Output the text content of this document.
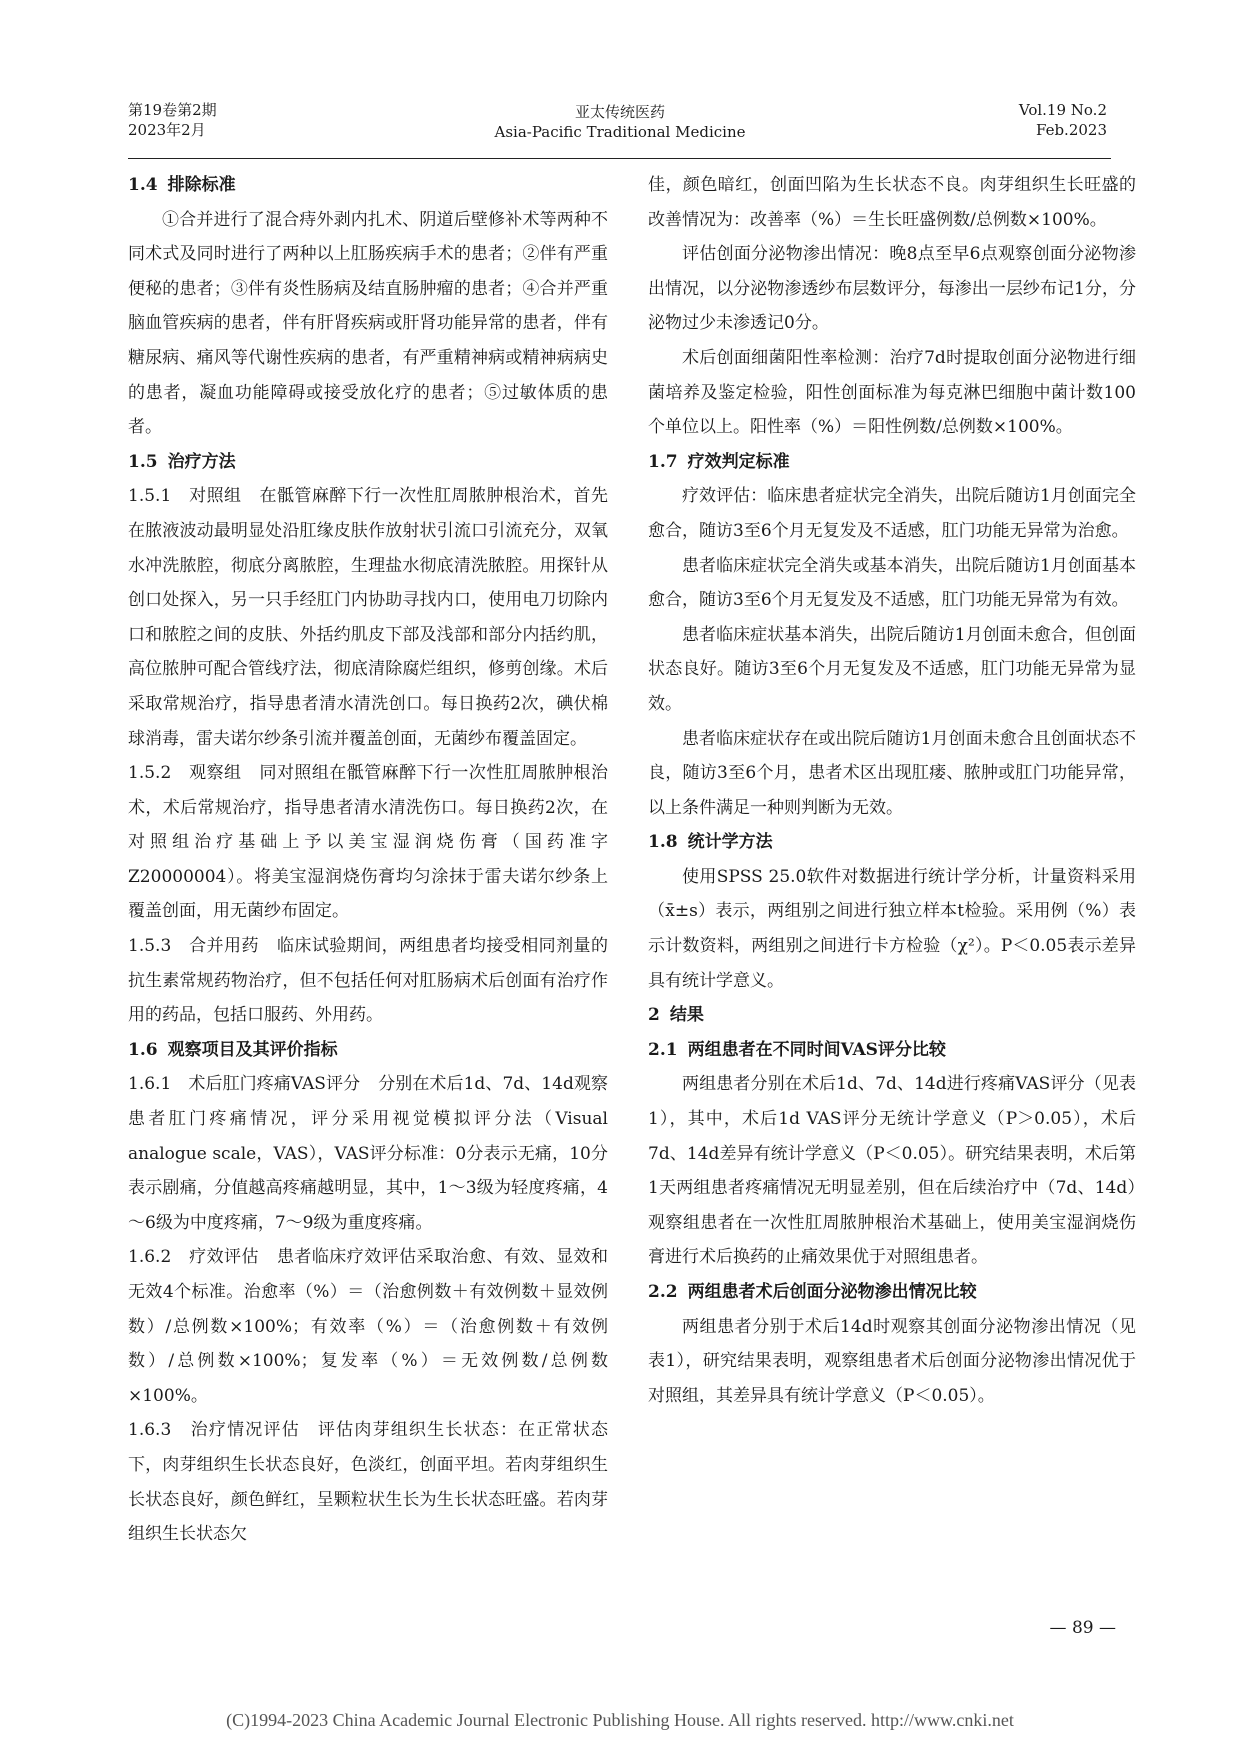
第19卷第2期
2023年2月
亚太传统医药
Asia-Pacific Traditional Medicine
Vol.19 No.2
Feb.2023

1.4 排除标准

①合并进行了混合痔外剥内扎术、阴道后壁修补术等两种不同术式及同时进行了两种以上肛肠疾病手术的患者；②伴有严重便秘的患者；③伴有炎性肠病及结直肠肿瘤的患者；④合并严重脑血管疾病的患者，伴有肝肾疾病或肝肾功能异常的患者，伴有糖尿病、痛风等代谢性疾病的患者，有严重精神病或精神病病史的患者，凝血功能障碍或接受放化疗的患者；⑤过敏体质的患者。

1.5 治疗方法

1.5.1　对照组 在骶管麻醉下行一次性肛周脓肿根治术，首先在脓液波动最明显处沿肛缘皮肤作放射状引流口引流充分，双氧水冲洗脓腔，彻底分离脓腔，生理盐水彻底清洗脓腔。用探针从创口处探入，另一只手经肛门内协助寻找内口，使用电刀切除内口和脓腔之间的皮肤、外括约肌皮下部及浅部和部分内括约肌，高位脓肿可配合管线疗法，彻底清除腐烂组织，修剪创缘。术后采取常规治疗，指导患者清水清洗创口。每日换药2次，碘伏棉球消毒，雷夫诺尔纱条引流并覆盖创面，无菌纱布覆盖固定。

1.5.2　观察组 同对照组在骶管麻醉下行一次性肛周脓肿根治术，术后常规治疗，指导患者清水清洗伤口。每日换药2次，在对照组治疗基础上予以美宝湿润烧伤膏（国药准字Z20000004）。将美宝湿润烧伤膏均匀涂抹于雷夫诺尔纱条上覆盖创面，用无菌纱布固定。

1.5.3　合并用药 临床试验期间，两组患者均接受相同剂量的抗生素常规药物治疗，但不包括任何对肛肠病术后创面有治疗作用的药品，包括口服药、外用药。

1.6 观察项目及其评价指标

1.6.1　术后肛门疼痛VAS评分 分别在术后1d、7d、14d观察患者肛门疼痛情况，评分采用视觉模拟评分法（Visual analogue scale，VAS），VAS评分标准：0分表示无痛，10分表示剧痛，分值越高疼痛越明显，其中，1～3级为轻度疼痛，4～6级为中度疼痛，7～9级为重度疼痛。

1.6.2　疗效评估 患者临床疗效评估采取治愈、有效、显效和无效4个标准。治愈率（%）＝（治愈例数＋有效例数＋显效例数）/总例数×100%；有效率（%）＝（治愈例数＋有效例数）/总例数×100%；复发率（%）＝无效例数/总例数×100%。

1.6.3　治疗情况评估 评估肉芽组织生长状态：在正常状态下，肉芽组织生长状态良好，色淡红，创面平坦。若肉芽组织生长状态良好，颜色鲜红，呈颗粒状生长为生长状态旺盛。若肉芽组织生长状态欠

佳，颜色暗红，创面凹陷为生长状态不良。肉芽组织生长旺盛的改善情况为：改善率（%）＝生长旺盛例数/总例数×100%。

评估创面分泌物渗出情况：晚8点至早6点观察创面分泌物渗出情况，以分泌物渗透纱布层数评分，每渗出一层纱布记1分，分泌物过少未渗透记0分。

术后创面细菌阳性率检测：治疗7d时提取创面分泌物进行细菌培养及鉴定检验，阳性创面标准为每克淋巴细胞中菌计数100个单位以上。阳性率（%）＝阳性例数/总例数×100%。

1.7 疗效判定标准

疗效评估：临床患者症状完全消失，出院后随访1月创面完全愈合，随访3至6个月无复发及不适感，肛门功能无异常为治愈。

患者临床症状完全消失或基本消失，出院后随访1月创面基本愈合，随访3至6个月无复发及不适感，肛门功能无异常为有效。

患者临床症状基本消失，出院后随访1月创面未愈合，但创面状态良好。随访3至6个月无复发及不适感，肛门功能无异常为显效。

患者临床症状存在或出院后随访1月创面未愈合且创面状态不良，随访3至6个月，患者术区出现肛瘘、脓肿或肛门功能异常，以上条件满足一种则判断为无效。

1.8 统计学方法

使用SPSS 25.0软件对数据进行统计学分析，计量资料采用（x̄±s）表示，两组别之间进行独立样本t检验。采用例（%）表示计数资料，两组别之间进行卡方检验（χ²）。P＜0.05表示差异具有统计学意义。

2 结果

2.1 两组患者在不同时间VAS评分比较

两组患者分别在术后1d、7d、14d进行疼痛VAS评分（见表1），其中，术后1d VAS评分无统计学意义（P＞0.05），术后7d、14d差异有统计学意义（P＜0.05）。研究结果表明，术后第1天两组患者疼痛情况无明显差别，但在后续治疗中（7d、14d）观察组患者在一次性肛周脓肿根治术基础上，使用美宝湿润烧伤膏进行术后换药的止痛效果优于对照组患者。

2.2 两组患者术后创面分泌物渗出情况比较

两组患者分别于术后14d时观察其创面分泌物渗出情况（见表1），研究结果表明，观察组患者术后创面分泌物渗出情况优于对照组，其差异具有统计学意义（P＜0.05）。

— 89 —
(C)1994-2023 China Academic Journal Electronic Publishing House. All rights reserved. http://www.cnki.net
